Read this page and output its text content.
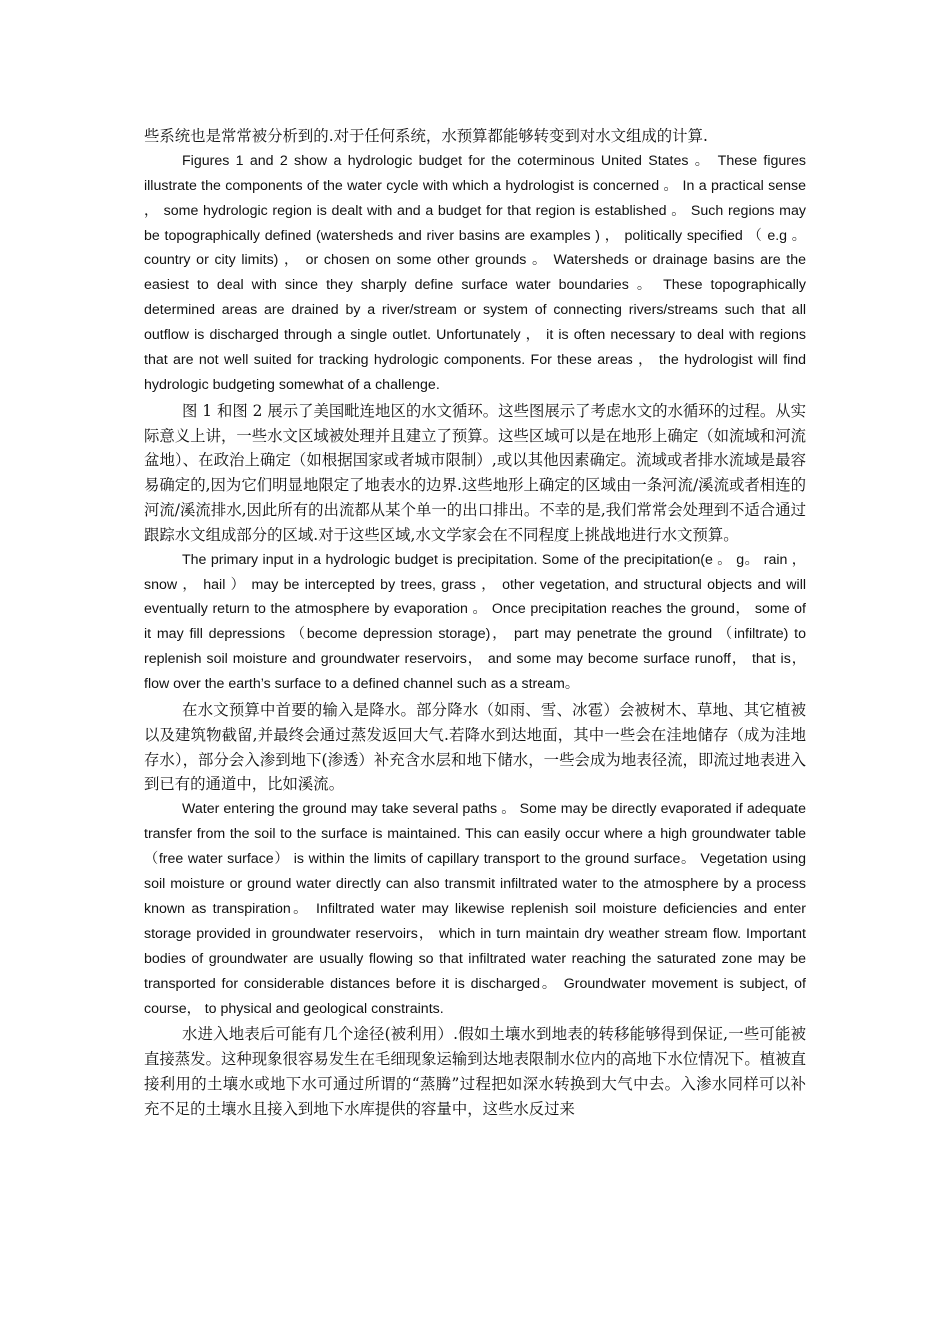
些系统也是常常被分析到的.对于任何系统，水预算都能够转变到对水文组成的计算.

Figures 1 and 2 show a hydrologic budget for the coterminous United States 。 These figures illustrate the components of the water cycle with which a hydrologist is concerned 。 In a practical sense ， some hydrologic region is dealt with and a budget for that region is established 。 Such regions may be topographically defined (watersheds and river basins are examples ) ， politically specified （ e.g 。 country or city limits) ， or chosen on some other grounds 。 Watersheds or drainage basins are the easiest to deal with since they sharply define surface water boundaries 。 These topographically determined areas are drained by a river/stream or system of connecting rivers/streams such that all outflow is discharged through a single outlet. Unfortunately ， it is often necessary to deal with regions that are not well suited for tracking hydrologic components. For these areas ， the hydrologist will find hydrologic budgeting somewhat of a challenge.

图 1 和图 2 展示了美国毗连地区的水文循环。这些图展示了考虑水文的水循环的过程。从实际意义上讲，一些水文区域被处理并且建立了预算。这些区域可以是在地形上确定（如流域和河流盆地）、在政治上确定（如根据国家或者城市限制）,或以其他因素确定。流域或者排水流域是最容易确定的,因为它们明显地限定了地表水的边界.这些地形上确定的区域由一条河流/溪流或者相连的河流/溪流排水,因此所有的出流都从某个单一的出口排出。不幸的是,我们常常会处理到不适合通过跟踪水文组成部分的区域.对于这些区域,水文学家会在不同程度上挑战地进行水文预算。

The primary input in a hydrologic budget is precipitation. Some of the precipitation(e 。 g。 rain ， snow ， hail ） may be intercepted by trees, grass ， other vegetation, and structural objects and will eventually return to the atmosphere by evaporation 。 Once precipitation reaches the ground， some of it may fill depressions （become depression storage)， part may penetrate the ground （infiltrate) to replenish soil moisture and groundwater reservoirs， and some may become surface runoff， that is， flow over the earth’s surface to a defined channel such as a stream。

在水文预算中首要的输入是降水。部分降水（如雨、雪、冰雹）会被树木、草地、其它植被以及建筑物截留,并最终会通过蒸发返回大气.若降水到达地面，其中一些会在洼地储存（成为洼地存水），部分会入渗到地下(渗透）补充含水层和地下储水，一些会成为地表径流，即流过地表进入到已有的通道中，比如溪流。

Water entering the ground may take several paths 。 Some may be directly evaporated if adequate transfer from the soil to the surface is maintained. This can easily occur where a high groundwater table （free water surface） is within the limits of capillary transport to the ground surface。 Vegetation using soil moisture or ground water directly can also transmit infiltrated water to the atmosphere by a process known as transpiration。 Infiltrated water may likewise replenish soil moisture deficiencies and enter storage provided in groundwater reservoirs， which in turn maintain dry weather stream flow. Important bodies of groundwater are usually flowing so that infiltrated water reaching the saturated zone may be transported for considerable distances before it is discharged。 Groundwater movement is subject, of course， to physical and geological constraints.

水进入地表后可能有几个途径(被利用）.假如土壤水到地表的转移能够得到保证,一些可能被直接蒸发。这种现象很容易发生在毛细现象运输到达地表限制水位内的高地下水位情况下。植被直接利用的土壤水或地下水可通过所谓的“蒸腾”过程把如深水转换到大气中去。入渗水同样可以补充不足的土壤水且接入到地下水库提供的容量中，这些水反过来
